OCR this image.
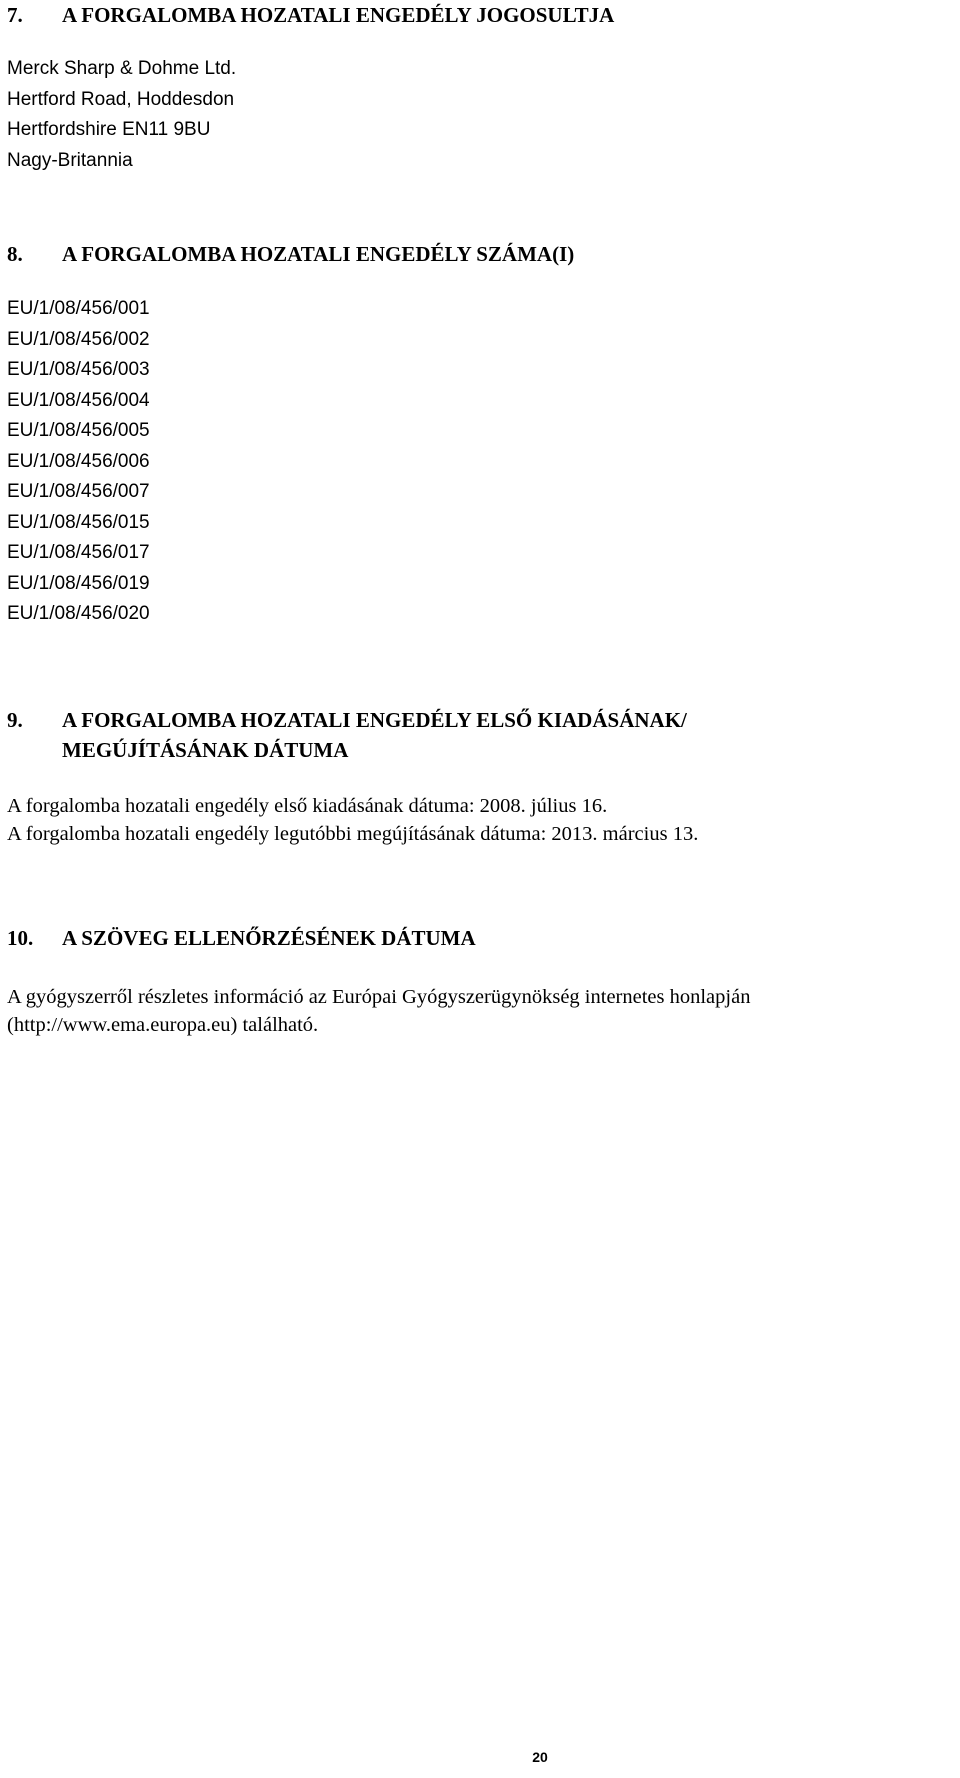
7.	A FORGALOMBA HOZATALI ENGEDÉLY JOGOSULTJA
Merck Sharp & Dohme Ltd.
Hertford Road, Hoddesdon
Hertfordshire EN11 9BU
Nagy-Britannia
8.	A FORGALOMBA HOZATALI ENGEDÉLY SZÁMA(I)
EU/1/08/456/001
EU/1/08/456/002
EU/1/08/456/003
EU/1/08/456/004
EU/1/08/456/005
EU/1/08/456/006
EU/1/08/456/007
EU/1/08/456/015
EU/1/08/456/017
EU/1/08/456/019
EU/1/08/456/020
9.	A FORGALOMBA HOZATALI ENGEDÉLY ELSŐ KIADÁSÁNAK/
MEGÚJÍTÁSÁNAK DÁTUMA
A forgalomba hozatali engedély első kiadásának dátuma: 2008. július 16.
A forgalomba hozatali engedély legutóbbi megújításának dátuma: 2013. március 13.
10.	A SZÖVEG ELLENŐRZÉSÉNEK DÁTUMA
A gyógyszerről részletes információ az Európai Gyógyszerügynökség internetes honlapján
(http://www.ema.europa.eu) található.
20
